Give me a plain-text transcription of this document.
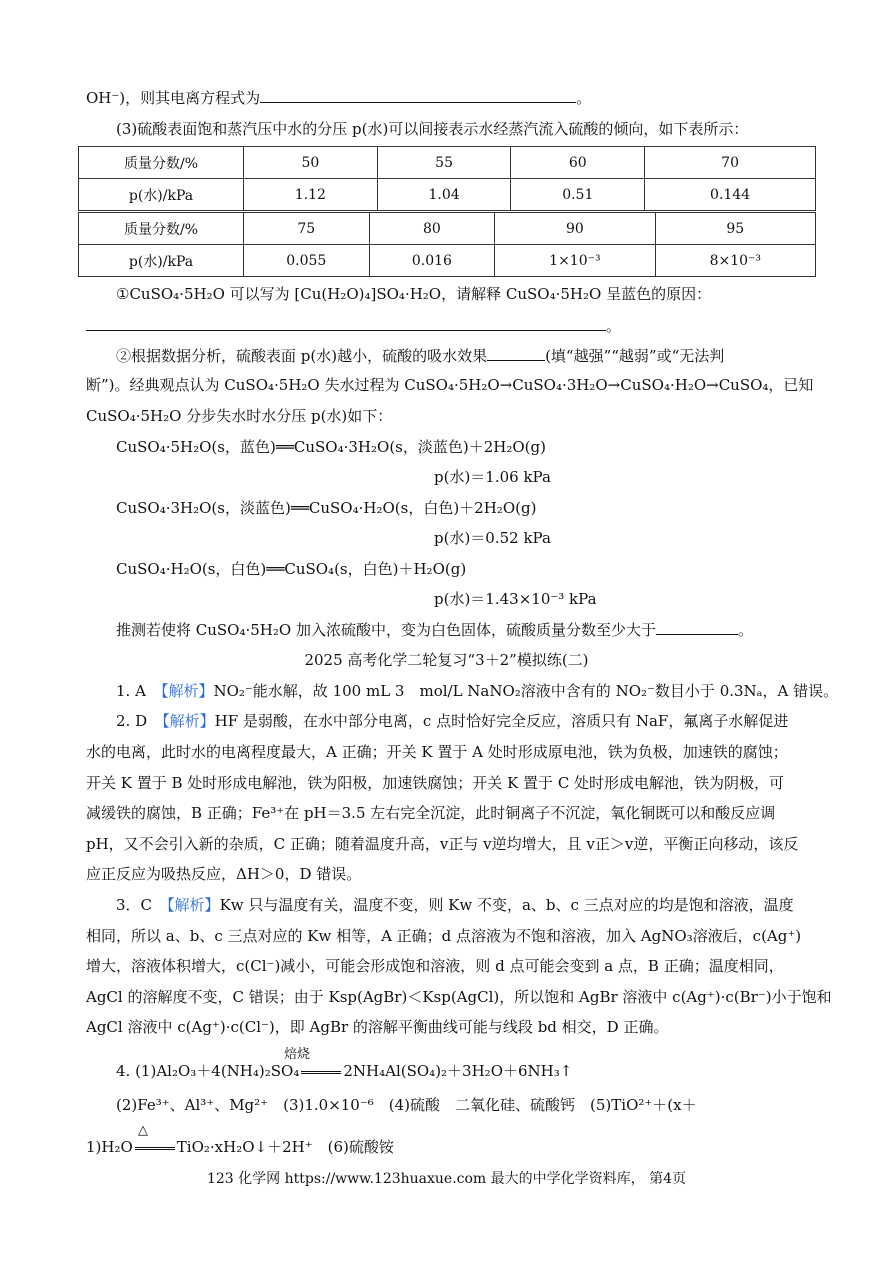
OH⁻)，则其电离方程式为	。
(3)硫酸表面饱和蒸汽压中水的分压 p(水)可以间接表示水经蒸汽流入硫酸的倾向，如下表所示：
质量分数/%	50	55	60	70
p(水)/kPa	1.12	1.04	0.51	0.144
质量分数/%	75	80	90	95
p(水)/kPa	0.055	0.016	1×10⁻³	8×10⁻³
①CuSO₄·5H₂O 可以写为 [Cu(H₂O)₄]SO₄·H₂O，请解释 CuSO₄·5H₂O 呈蓝色的原因：
。
②根据数据分析，硫酸表面 p(水)越小，硫酸的吸水效果	(填“越强”“越弱”或“无法判
断”)。经典观点认为 CuSO₄·5H₂O 失水过程为 CuSO₄·5H₂O→CuSO₄·3H₂O→CuSO₄·H₂O→CuSO₄，已知
CuSO₄·5H₂O 分步失水时水分压 p(水)如下：
CuSO₄·5H₂O(s，蓝色)══CuSO₄·3H₂O(s，淡蓝色)＋2H₂O(g)
p(水)＝1.06 kPa
CuSO₄·3H₂O(s，淡蓝色)══CuSO₄·H₂O(s，白色)＋2H₂O(g)
p(水)＝0.52 kPa
CuSO₄·H₂O(s，白色)══CuSO₄(s，白色)＋H₂O(g)
p(水)＝1.43×10⁻³ kPa
推测若使将 CuSO₄·5H₂O 加入浓硫酸中，变为白色固体，硫酸质量分数至少大于	。
2025 高考化学二轮复习“3＋2”模拟练(二)
1. A　 【解析】NO₂⁻能水解，故 100 mL 3　mol/L NaNO₂溶液中含有的 NO₂⁻数目小于 0.3Nₐ，A 错误。
2. D　 【解析】HF 是弱酸，在水中部分电离，c 点时恰好完全反应，溶质只有 NaF，氟离子水解促进
水的电离，此时水的电离程度最大，A 正确；开关 K 置于 A 处时形成原电池，铁为负极，加速铁的腐蚀；
开关 K 置于 B 处时形成电解池，铁为阳极，加速铁腐蚀；开关 K 置于 C 处时形成电解池，铁为阴极，可
减缓铁的腐蚀，B 正确；Fe³⁺在 pH＝3.5 左右完全沉淀，此时铜离子不沉淀，氧化铜既可以和酸反应调
pH，又不会引入新的杂质，C 正确；随着温度升高，v正与 v逆均增大，且 v正＞v逆，平衡正向移动，该反
应正反应为吸热反应，ΔH＞0，D 错误。
3．C　 【解析】Kw 只与温度有关，温度不变，则 Kw 不变，a、b、c 三点对应的均是饱和溶液，温度
相同，所以 a、b、c 三点对应的 Kw 相等，A 正确；d 点溶液为不饱和溶液，加入 AgNO₃溶液后，c(Ag⁺)
增大，溶液体积增大，c(Cl⁻)减小，可能会形成饱和溶液，则 d 点可能会变到 a 点，B 正确；温度相同，
AgCl 的溶解度不变，C 错误；由于 Ksp(AgBr)＜Ksp(AgCl)，所以饱和 AgBr 溶液中 c(Ag⁺)·c(Br⁻)小于饱和
AgCl 溶液中 c(Ag⁺)·c(Cl⁻)，即 AgBr 的溶解平衡曲线可能与线段 bd 相交，D 正确。
焙烧
4. (1)Al₂O₃＋4(NH₄)₂SO₄	2NH₄Al(SO₄)₂＋3H₂O＋6NH₃↑
(2)Fe³⁺、Al³⁺、Mg²⁺　(3)1.0×10⁻⁶　(4)硫酸　二氧化硅、硫酸钙　(5)TiO²⁺＋(x＋
△
1)H₂O	TiO₂·xH₂O↓＋2H⁺　(6)硫酸铵
123 化学网 https://www.123huaxue.com 最大的中学化学资料库， 第4页
